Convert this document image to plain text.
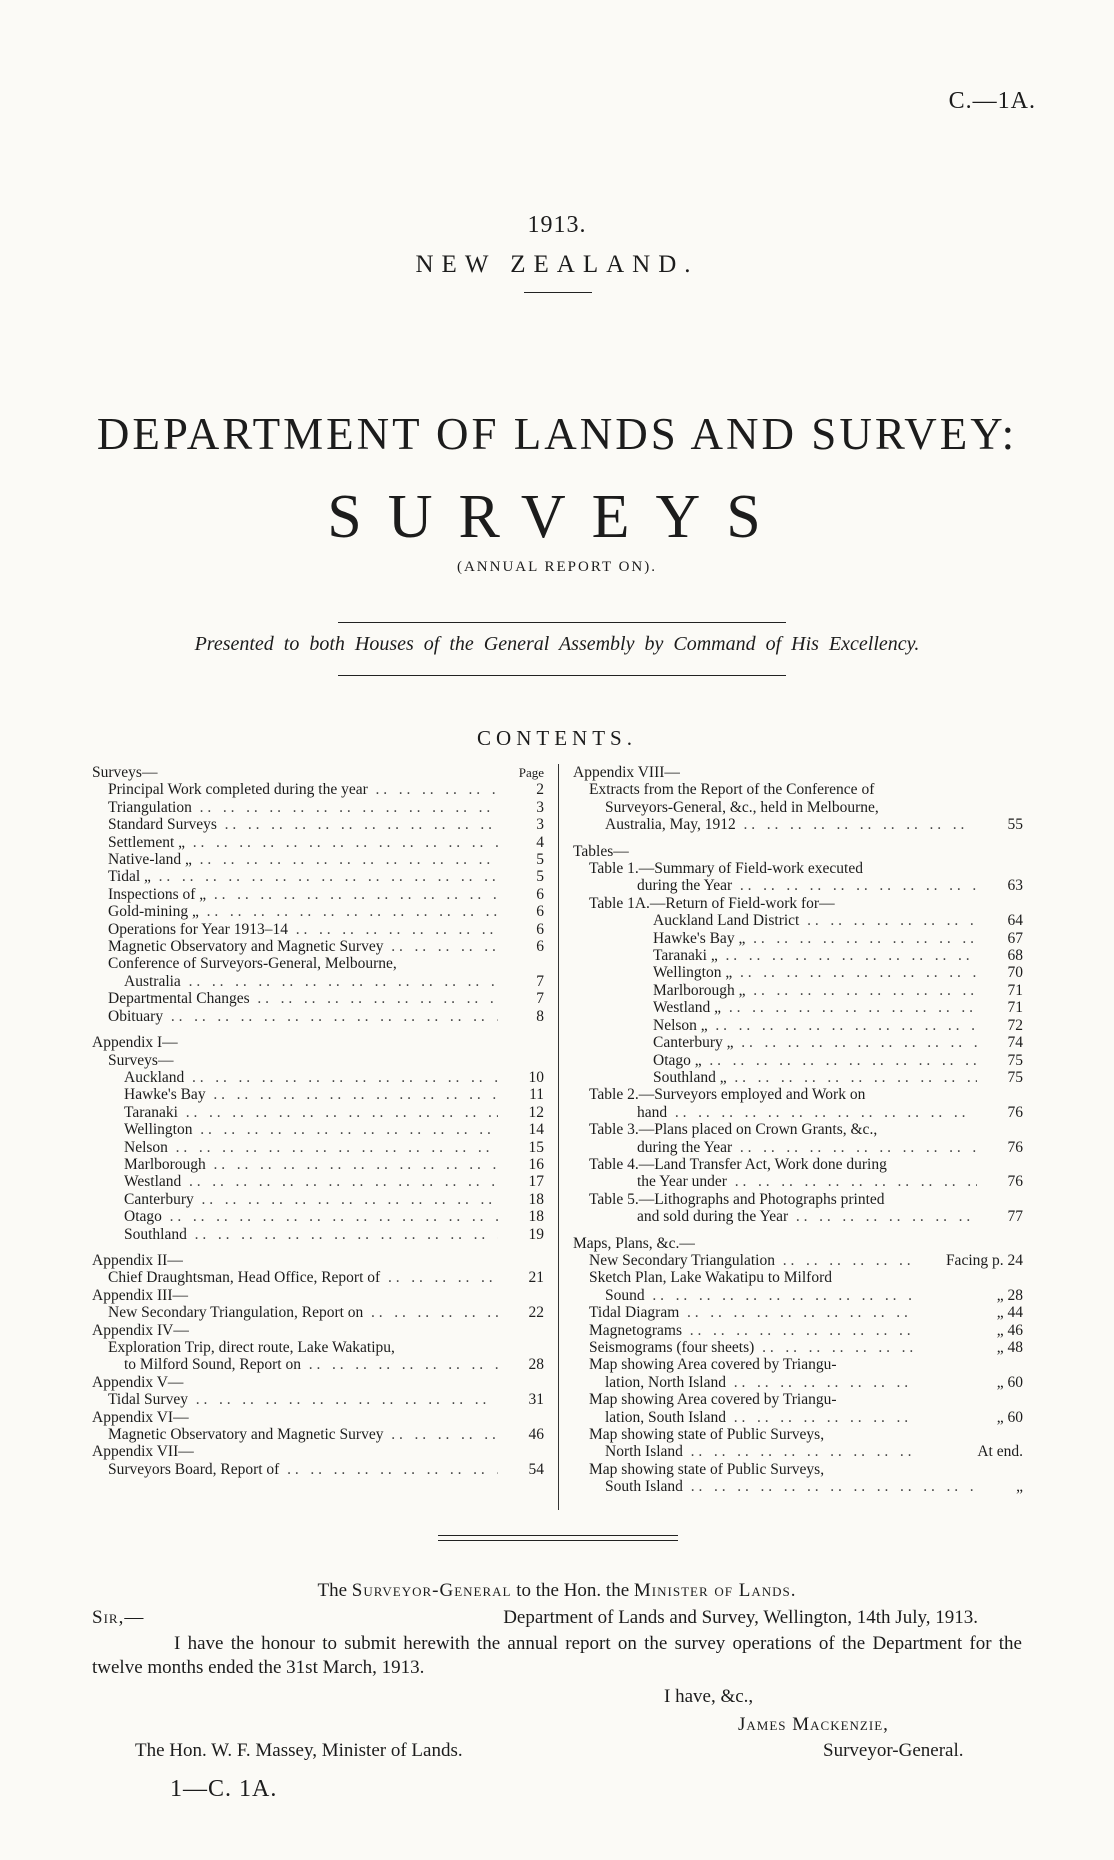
C.—1A.
1913.
NEW ZEALAND.
DEPARTMENT OF LANDS AND SURVEY:
SURVEYS
(ANNUAL REPORT ON).
Presented to both Houses of the General Assembly by Command of His Excellency.
CONTENTS.
Surveys—	Page
Principal Work completed during the year . .	2
Triangulation . .	3
Standard Surveys . .	3
Settlement „ . .	4
Native-land „ . .	5
Tidal „ . .	5
Inspections of „ . .	6
Gold-mining „ . .	6
Operations for Year 1913–14 . .	6
Magnetic Observatory and Magnetic Survey . .	6
Conference of Surveyors-General, Melbourne,
Australia . .	7
Departmental Changes . .	7
Obituary . .	8
Appendix I—
Surveys—
Auckland . .	10
Hawke's Bay . .	11
Taranaki . .	12
Wellington . .	14
Nelson . .	15
Marlborough . .	16
Westland . .	17
Canterbury . .	18
Otago . .	18
Southland . .	19
Appendix II—
Chief Draughtsman, Head Office, Report of . .	21
Appendix III—
New Secondary Triangulation, Report on . .	22
Appendix IV—
Exploration Trip, direct route, Lake Wakatipu,
to Milford Sound, Report on . .	28
Appendix V—
Tidal Survey . .	31
Appendix VI—
Magnetic Observatory and Magnetic Survey . .	46
Appendix VII—
Surveyors Board, Report of . .	54
Appendix VIII—
Extracts from the Report of the Conference of
Surveyors-General, &c., held in Melbourne,
Australia, May, 1912 . .	55
Tables—
Table 1.—Summary of Field-work executed
during the Year . .	63
Table 1A.—Return of Field-work for—
Auckland Land District . .	64
Hawke's Bay „ . .	67
Taranaki „ . .	68
Wellington „ . .	70
Marlborough „ . .	71
Westland „ . .	71
Nelson „ . .	72
Canterbury „ . .	74
Otago „ . .	75
Southland „ . .	75
Table 2.—Surveyors employed and Work on
hand . .	76
Table 3.—Plans placed on Crown Grants, &c.,
during the Year . .	76
Table 4.—Land Transfer Act, Work done during
the Year under . .	76
Table 5.—Lithographs and Photographs printed
and sold during the Year . .	77
Maps, Plans, &c.—
New Secondary Triangulation . .	Facing p. 24
Sketch Plan, Lake Wakatipu to Milford
Sound . .	„ 28
Tidal Diagram . .	„ 44
Magnetograms . .	„ 46
Seismograms (four sheets) . .	„ 48
Map showing Area covered by Triangu-
lation, North Island . .	„ 60
Map showing Area covered by Triangu-
lation, South Island . .	„ 60
Map showing state of Public Surveys,
North Island . .	At end.
Map showing state of Public Surveys,
South Island . .	„
The Surveyor-General to the Hon. the Minister of Lands.
Sir,—	Department of Lands and Survey, Wellington, 14th July, 1913.
I have the honour to submit herewith the annual report on the survey operations of the Department for the twelve months ended the 31st March, 1913.
I have, &c.,
James Mackenzie,
Surveyor-General.
The Hon. W. F. Massey, Minister of Lands.
1—C. 1A.
